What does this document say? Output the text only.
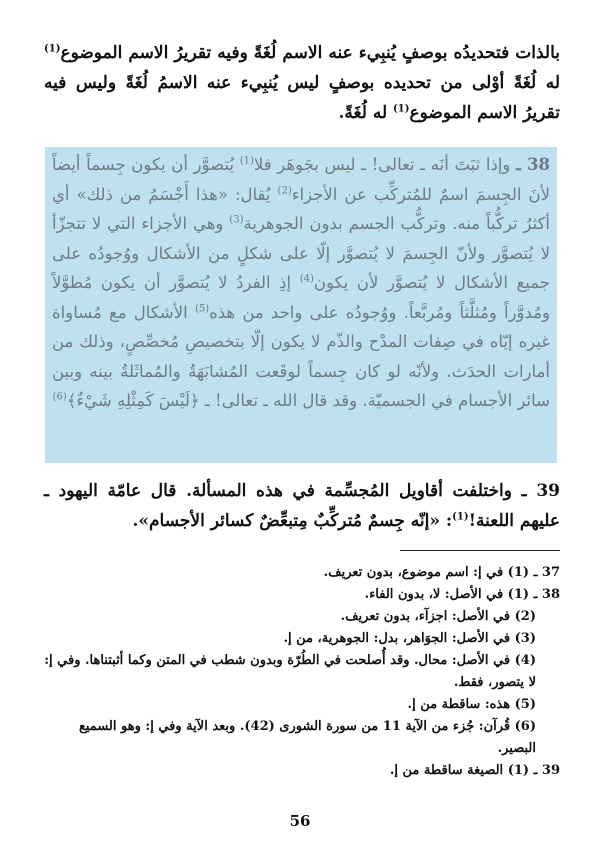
بالذات فتحديدُه بوصفٍ يُنبِيء عنه الاسم لُغَةً وفيه تقريرُ الاسم الموضوع$^{(1)}$ له لُغَةً أوْلى من تحديده بوصفٍ ليس يُنبِيء عنه الاسمُ لُغَةً وليس فيه تقريرُ الاسم الموضوع$^{(1)}$ له لُغَةً.
38 ـ وإذا ثبَتَ أنَه ـ تعالى! ـ ليس بجَوهَر فلا$^{(1)}$ يُتصوَّر أن يكون جِسماً أيضاً لأنَ الجِسمَ اسمٌ للمُتركِّب عن الأجزاء$^{(2)}$ يُقال: «هذا أَجْسَمُ من ذلك» أي أكثرُ تركُّباً منه. وتركُّب الجسم بدون الجوهرية$^{(3)}$ وهي الأجزاء التي لا تتجزّأ لا يُتصوَّر ولأنّ الجِسمَ لا يُتصوَّر إلّا على شكلٍ من الأشكال ووُجودُه على جميع الأشكال لا يُتصوَّر لأن يكون$^{(4)}$ إذِ الفردُ لا يُتصوَّر أن يكون مُطوَّلاً ومُدوَّراً ومُثلَّثاً ومُربَّعاً. ووُجودُه على واحد من هذه$^{(5)}$ الأشكال مع مُساواة غيره إيّاه في صِفات المدْح والذّم لا يكون إلّا بتخصيصِ مُخصِّصٍ، وذلك من أمارات الحدَث. ولأنّه لو كان جِسماً لوقَعت المُشابَهَةُ والمُماثَلةُ بينه وبين سائر الأجسام في الجسميّة. وقد قال الله ـ تعالى! ـ ﴿لَيْسَ كَمِثْلِهِ شَيْءٌ﴾$^{(6)}$
39 ـ واختلفت أقاويل المُجسِّمة في هذه المسألة. قال عامّة اليهود ـ عليهم اللعنة!$^{(1)}$: «إنّه جِسمٌ مُتركِّبٌ مِتبعِّضٌ كسائر الأجسام».

37 ـ (1) في إ: اسم موضوع، بدون تعريف.

38 ـ (1) في الأصل: لا، بدون الفاء.

(2) في الأصل: اجزآء، بدون تعريف.

(3) في الأصل: الجوَاهر، بدل: الجوهرية، من إ.

(4) في الأصل: محال. وقد أُصلحت في الطُرّة وبدون شطب في المتن وكما أثبتناها. وفي إ: لا يتصور، فقط.

(5) هذه: ساقطة من إ.

(6) قُرآن: جُزء من الآية 11 من سورة الشورى (42). وبعد الآية وفي إ: وهو السميع البصير.

39 ـ (1) الصيغة ساقطة من إ.

56
